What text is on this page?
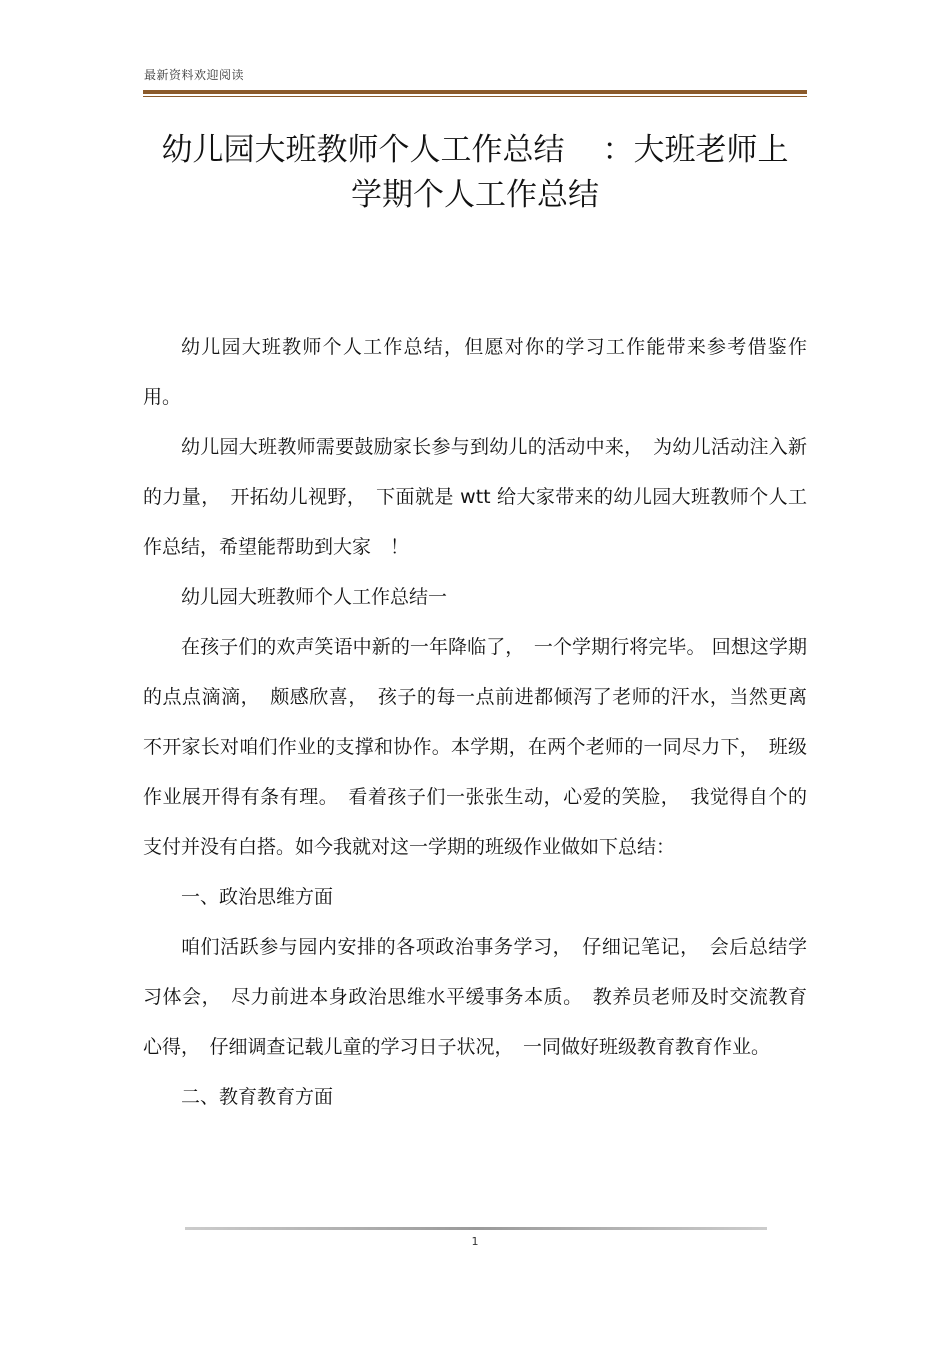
最新资料欢迎阅读
幼儿园大班教师个人工作总结 ：大班老师上
学期个人工作总结

幼儿园大班教师个人工作总结，但愿对你的学习工作能带来参考借鉴作用。

幼儿园大班教师需要鼓励家长参与到幼儿的活动中来，　为幼儿活动注入新的力量，　开拓幼儿视野，　下面就是 wtt 给大家带来的幼儿园大班教师个人工作总结，希望能帮助到大家　！

幼儿园大班教师个人工作总结一

在孩子们的欢声笑语中新的一年降临了，　一个学期行将完毕。 回想这学期的点点滴滴，　颇感欣喜，　孩子的每一点前进都倾泻了老师的汗水，当然更离不开家长对咱们作业的支撑和协作。本学期，在两个老师的一同尽力下，　班级作业展开得有条有理。　看着孩子们一张张生动，心爱的笑脸，　我觉得自个的支付并没有白搭。如今我就对这一学期的班级作业做如下总结：

一、政治思维方面

咱们活跃参与园内安排的各项政治事务学习，　仔细记笔记，　会后总结学习体会，　尽力前进本身政治思维水平缓事务本质。　教养员老师及时交流教育心得，　仔细调查记载儿童的学习日子状况，　一同做好班级教育教育作业。

二、教育教育方面

1
